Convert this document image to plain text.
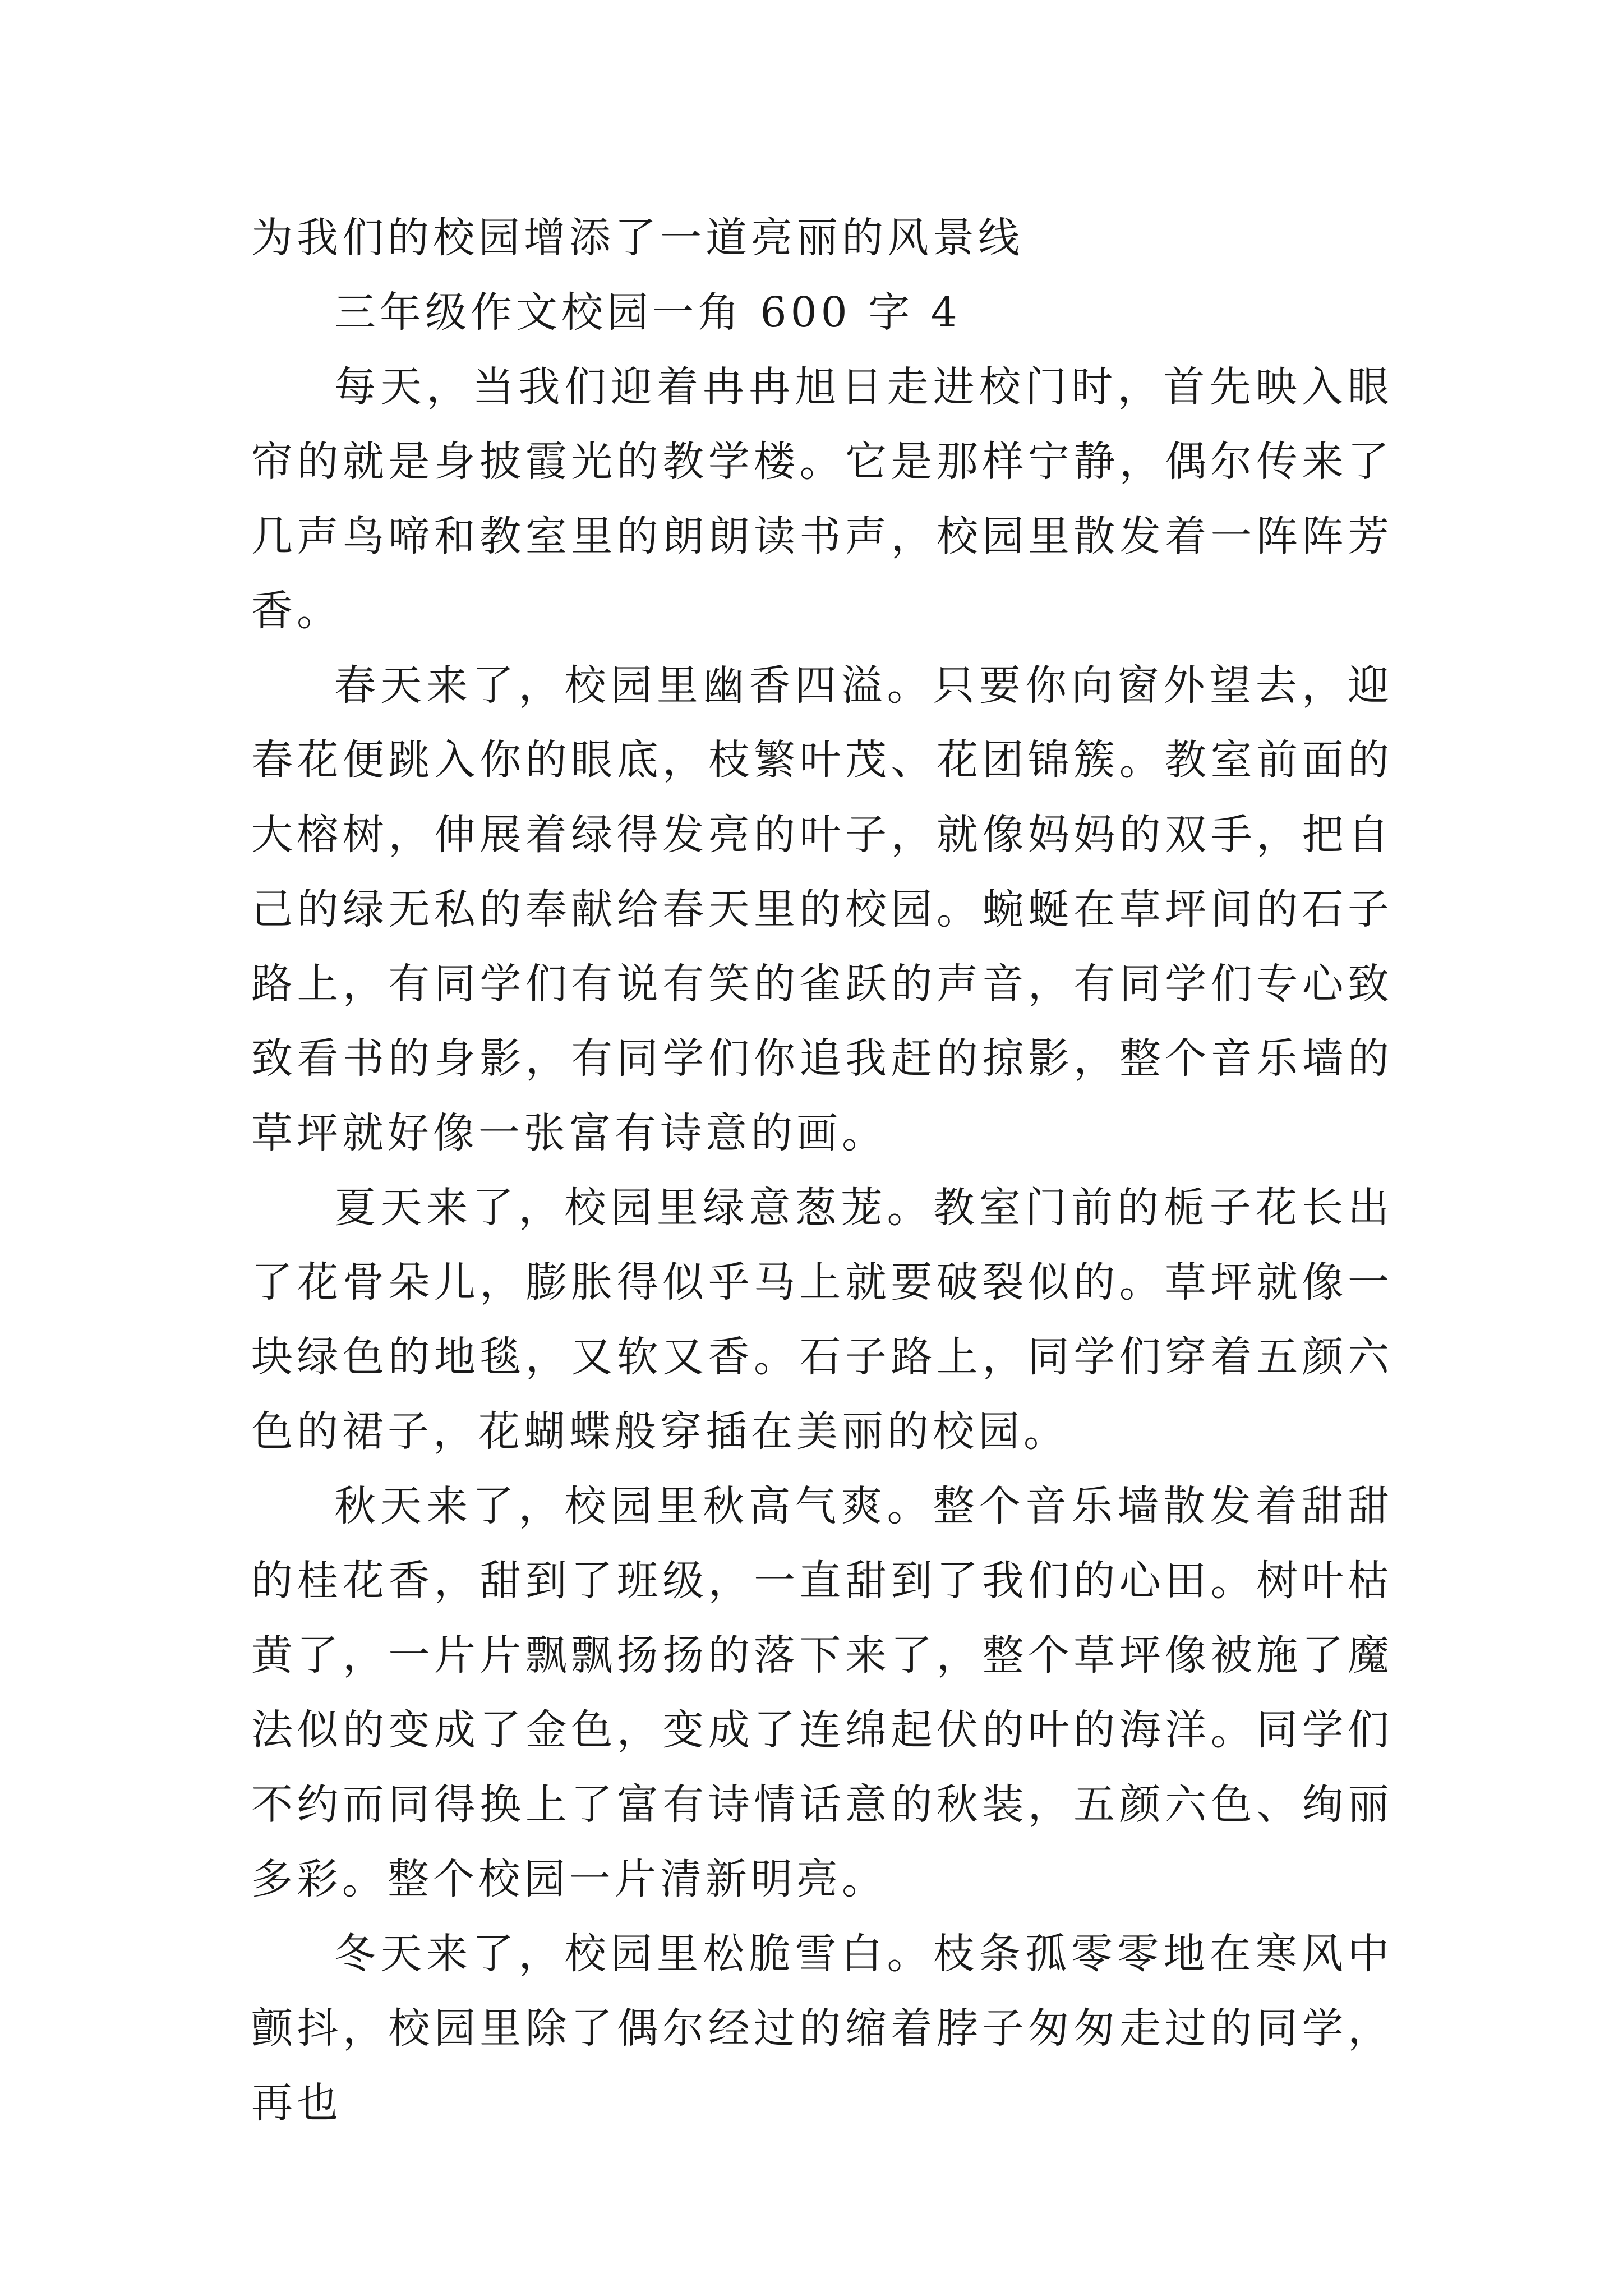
为我们的校园增添了一道亮丽的风景线

三年级作文校园一角 600 字 4

每天，当我们迎着冉冉旭日走进校门时，首先映入眼帘的就是身披霞光的教学楼。它是那样宁静，偶尔传来了几声鸟啼和教室里的朗朗读书声，校园里散发着一阵阵芳香。

春天来了，校园里幽香四溢。只要你向窗外望去，迎春花便跳入你的眼底，枝繁叶茂、花团锦簇。教室前面的大榕树，伸展着绿得发亮的叶子，就像妈妈的双手，把自己的绿无私的奉献给春天里的校园。蜿蜒在草坪间的石子路上，有同学们有说有笑的雀跃的声音，有同学们专心致致看书的身影，有同学们你追我赶的掠影，整个音乐墙的草坪就好像一张富有诗意的画。

夏天来了，校园里绿意葱茏。教室门前的栀子花长出了花骨朵儿，膨胀得似乎马上就要破裂似的。草坪就像一块绿色的地毯，又软又香。石子路上，同学们穿着五颜六色的裙子，花蝴蝶般穿插在美丽的校园。

秋天来了，校园里秋高气爽。整个音乐墙散发着甜甜的桂花香，甜到了班级，一直甜到了我们的心田。树叶枯黄了，一片片飘飘扬扬的落下来了，整个草坪像被施了魔法似的变成了金色，变成了连绵起伏的叶的海洋。同学们不约而同得换上了富有诗情话意的秋装，五颜六色、绚丽多彩。整个校园一片清新明亮。

冬天来了，校园里松脆雪白。枝条孤零零地在寒风中颤抖，校园里除了偶尔经过的缩着脖子匆匆走过的同学，再也
